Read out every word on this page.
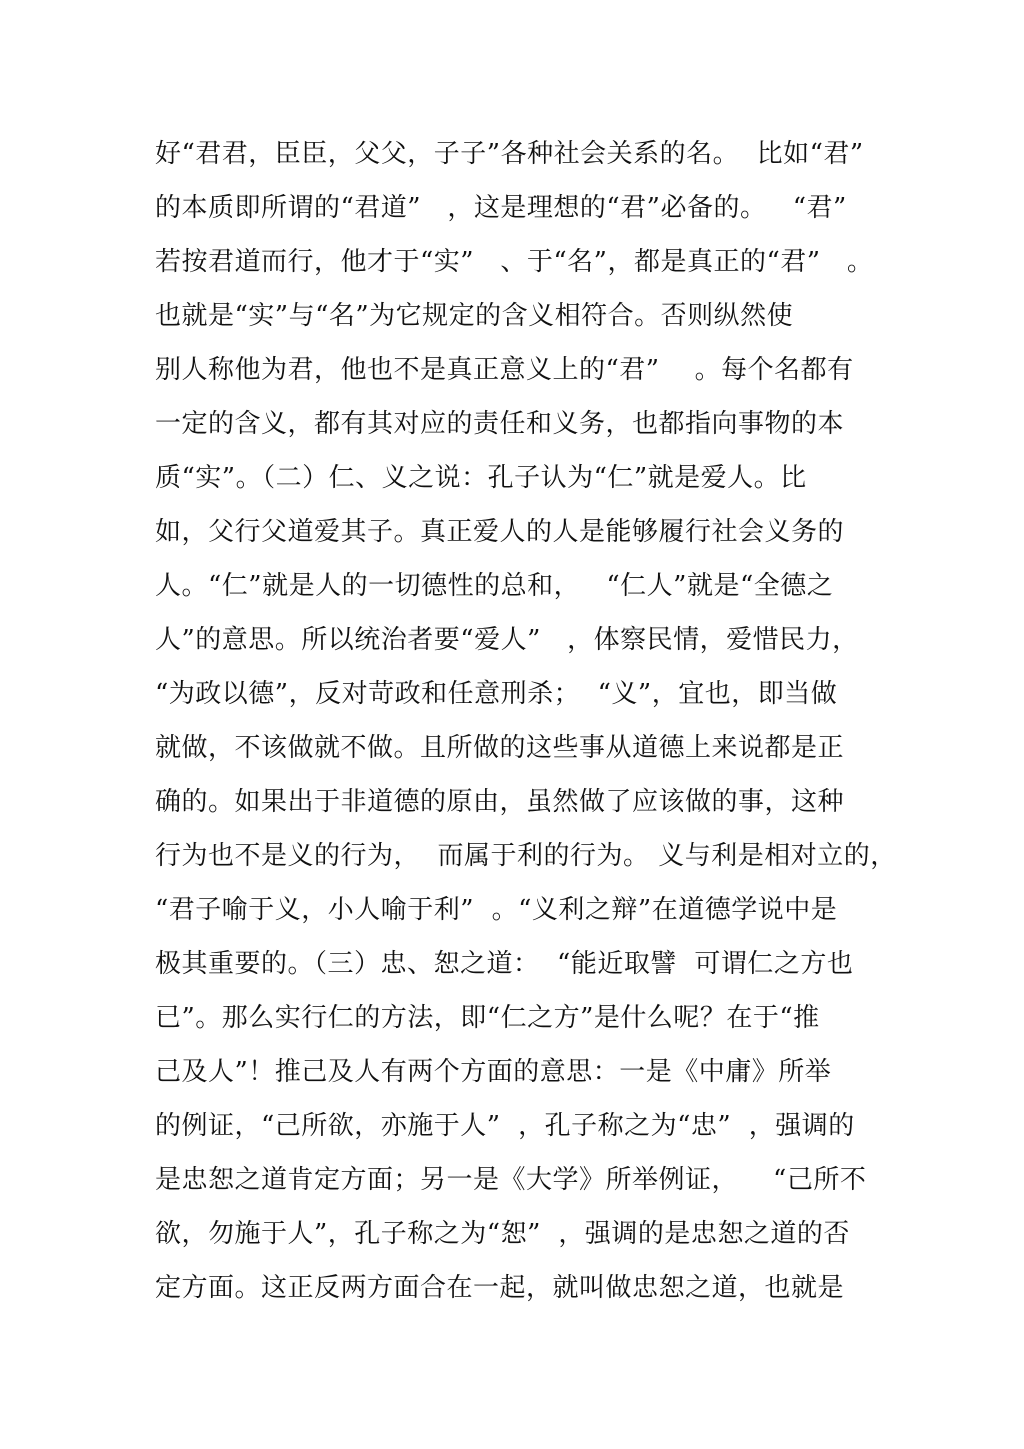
好“君君，臣臣，父父，子子”各种社会关系的名。  比如“君”
的本质即所谓的“君道”   ，这是理想的“君”必备的。   “君”
若按君道而行，他才于“实”   、于“名”，都是真正的“君”   。
也就是“实”与“名”为它规定的含义相符合。否则纵然使
别人称他为君，他也不是真正意义上的“君”    。每个名都有
一定的含义，都有其对应的责任和义务，也都指向事物的本
质“实”。（二）仁、义之说：孔子认为“仁”就是爱人。比
如，父行父道爱其子。真正爱人的人是能够履行社会义务的
人。“仁”就是人的一切德性的总和，   “仁人”就是“全德之
人”的意思。所以统治者要“爱人”   ，体察民情，爱惜民力，
“为政以德”，反对苛政和任意刑杀；  “义”，宜也，即当做
就做，不该做就不做。且所做的这些事从道德上来说都是正
确的。如果出于非道德的原由，虽然做了应该做的事，这种
行为也不是义的行为，  而属于利的行为。 义与利是相对立的，
“君子喻于义，小人喻于利”  。“义利之辩”在道德学说中是
极其重要的。（三）忠、恕之道：  “能近取譬  可谓仁之方也
已”。那么实行仁的方法，即“仁之方”是什么呢？在于“推
己及人”！推己及人有两个方面的意思：一是《中庸》所举
的例证，“己所欲，亦施于人”  ，孔子称之为“忠”  ，强调的
是忠恕之道肯定方面；另一是《大学》所举例证，    “己所不
欲，勿施于人”，孔子称之为“恕”  ，强调的是忠恕之道的否
定方面。这正反两方面合在一起，就叫做忠恕之道，也就是
